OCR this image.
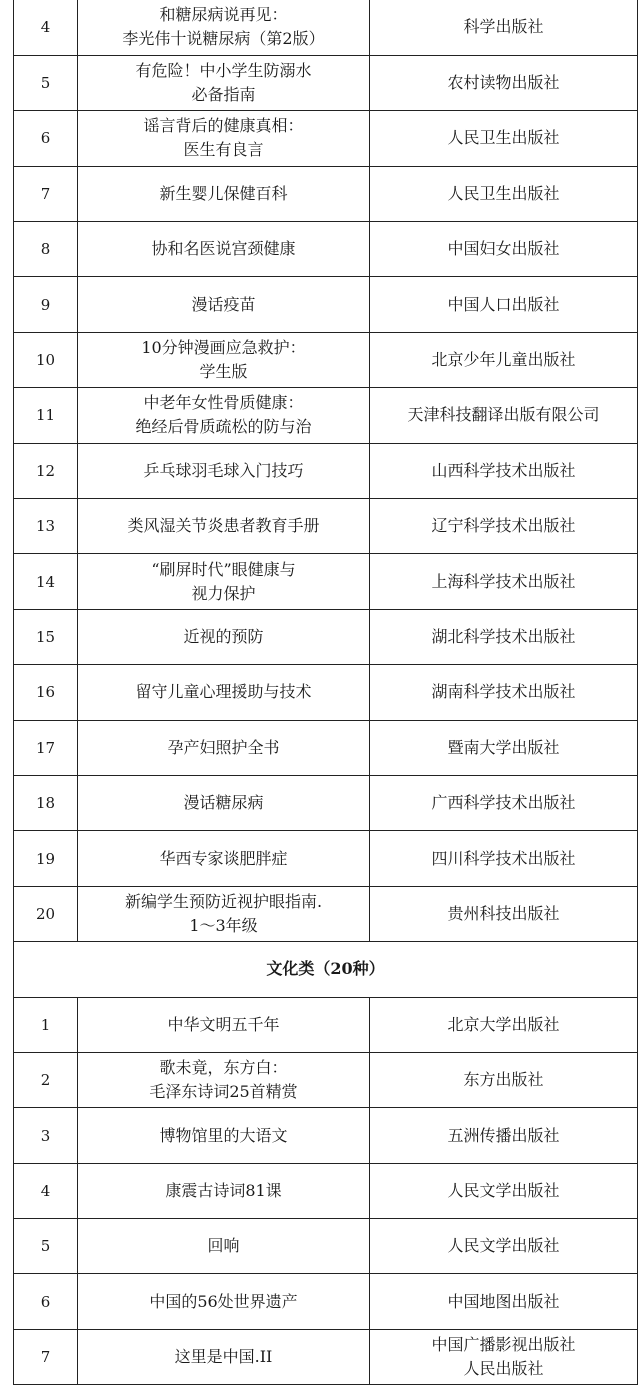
4	和糖尿病说再见：
李光伟十说糖尿病（第2版）	科学出版社

5	有危险！中小学生防溺水
必备指南	农村读物出版社

6	谣言背后的健康真相：
医生有良言	人民卫生出版社

7	新生婴儿保健百科	人民卫生出版社

8	协和名医说宫颈健康	中国妇女出版社

9	漫话疫苗	中国人口出版社

10	10分钟漫画应急救护：
学生版	北京少年儿童出版社

11	中老年女性骨质健康：
绝经后骨质疏松的防与治	天津科技翻译出版有限公司

12	乒乓球羽毛球入门技巧	山西科学技术出版社

13	类风湿关节炎患者教育手册	辽宁科学技术出版社

14	“刷屏时代”眼健康与
视力保护	上海科学技术出版社

15	近视的预防	湖北科学技术出版社

16	留守儿童心理援助与技术	湖南科学技术出版社

17	孕产妇照护全书	暨南大学出版社

18	漫话糖尿病	广西科学技术出版社

19	华西专家谈肥胖症	四川科学技术出版社

20	新编学生预防近视护眼指南.
1～3年级	贵州科技出版社

文化类（20种）		
1	中华文明五千年	北京大学出版社

2	歌未竟，东方白：
毛泽东诗词25首精赏	东方出版社

3	博物馆里的大语文	五洲传播出版社

4	康震古诗词81课	人民文学出版社

5	回响	人民文学出版社

6	中国的56处世界遗产	中国地图出版社

7	这里是中国.II	中国广播影视出版社
人民出版社
